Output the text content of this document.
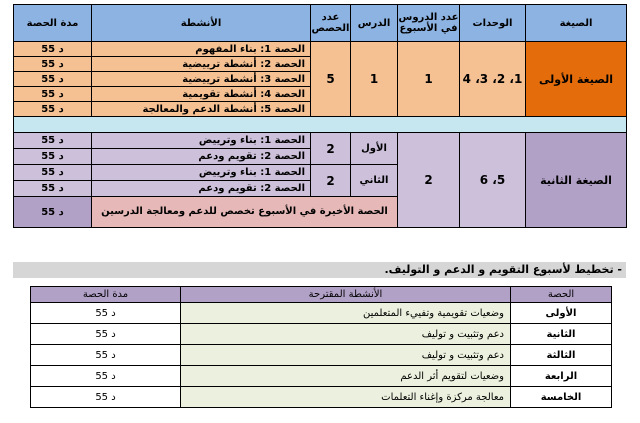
الصيغة	الوحدات	عدد الدروس في الأسبوع	الدرس	عدد الحصص	الأنشطة	مدة الحصة
الصيغة الأولى	1، 2، 3، 4	1	1	5	الحصة 1: بناء المفهوم	55 د
					الحصة 2: أنشطة ترييضية	55 د
					الحصة 3: أنشطة ترييضية	55 د
					الحصة 4: أنشطة تقويمية	55 د
					الحصة 5: أنشطة الدعم والمعالجة	55 د

الصيغة الثانية	5، 6	2	الأول	2	الحصة 1: بناء وترييض	55 د
					الحصة 2: تقويم ودعم	55 د
			الثاني	2	الحصة 1: بناء وترييض	55 د
					الحصة 2: تقويم ودعم	55 د
			الحصة الأخيرة في الأسبوع تخصص للدعم ومعالجة الدرسين			55 د
- تخطيط لأسبوع التقويم و الدعم و التوليف.
الحصة	الأنشطة المقترحة	مدة الحصة
الأولى	وضعيات تقويمية وتفييء المتعلمين	55 د
الثانية	دعم وتثبيت و توليف	55 د
الثالثة	دعم وتثبيت و توليف	55 د
الرابعة	وضعيات لتقويم أثر الدعم	55 د
الخامسة	معالجة مركزة وإغناء التعلمات	55 د
